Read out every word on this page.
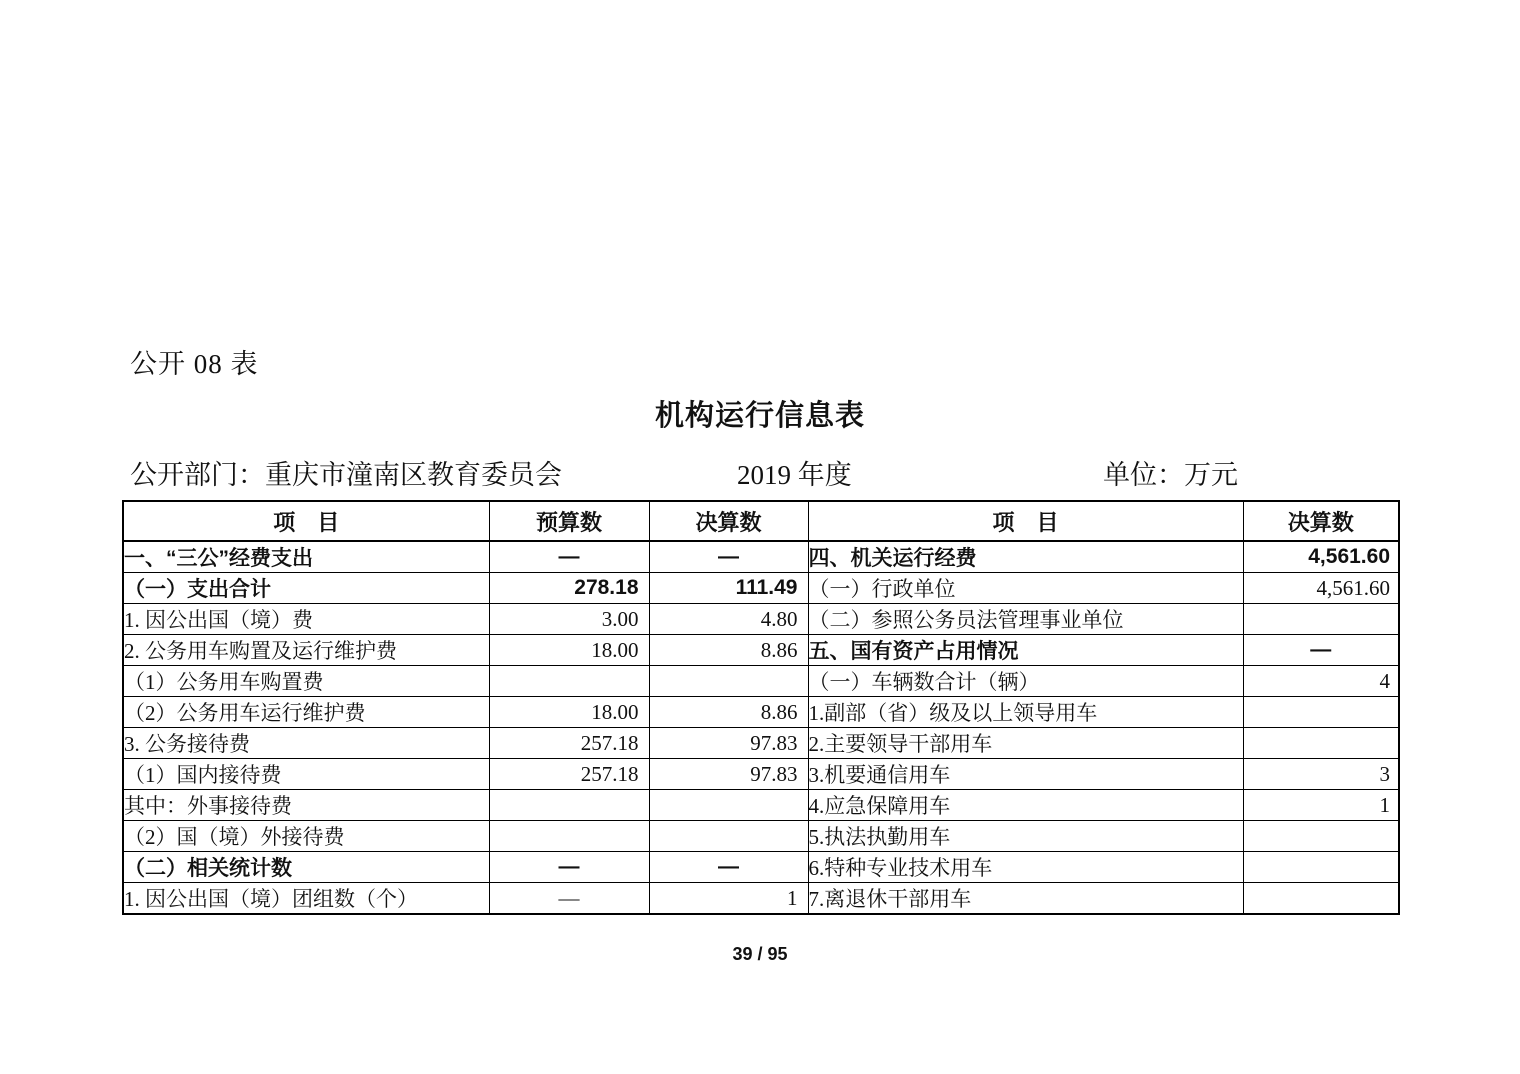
公开 08 表
机构运行信息表
公开部门：重庆市潼南区教育委员会	2019 年度	单位：万元
项　目	预算数	决算数	项　目	决算数
一、“三公”经费支出	—	—	四、机关运行经费	4,561.60
（一）支出合计	278.18	111.49	（一）行政单位	4,561.60
1. 因公出国（境）费	3.00	4.80	（二）参照公务员法管理事业单位	
2. 公务用车购置及运行维护费	18.00	8.86	五、国有资产占用情况	—
（1）公务用车购置费			（一）车辆数合计（辆）	4
（2）公务用车运行维护费	18.00	8.86	1.副部（省）级及以上领导用车	
3. 公务接待费	257.18	97.83	2.主要领导干部用车	
（1）国内接待费	257.18	97.83	3.机要通信用车	3
其中：外事接待费			4.应急保障用车	1
（2）国（境）外接待费			5.执法执勤用车	
（二）相关统计数	—	—	6.特种专业技术用车	
1. 因公出国（境）团组数（个）	—	1	7.离退休干部用车	
39 / 95
